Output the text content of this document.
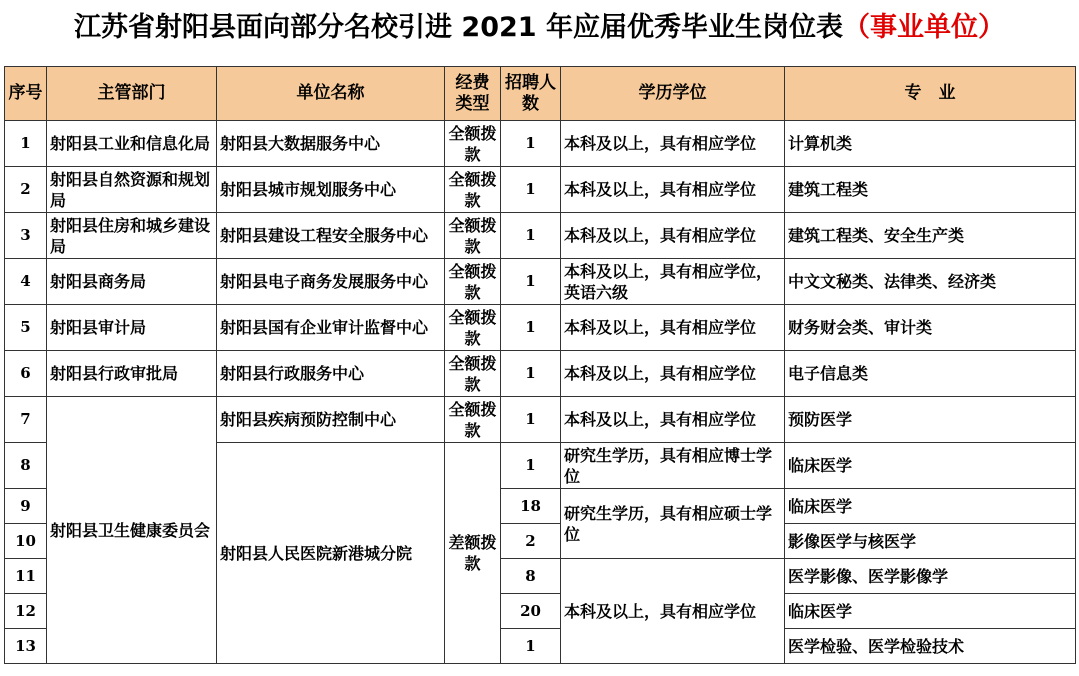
江苏省射阳县面向部分名校引进 2021 年应届优秀毕业生岗位表（事业单位）
序号	主管部门	单位名称	经费类型	招聘人数	学历学位	专　业
1	射阳县工业和信息化局	射阳县大数据服务中心	全额拨款	1	本科及以上，具有相应学位	计算机类
2	射阳县自然资源和规划局	射阳县城市规划服务中心	全额拨款	1	本科及以上，具有相应学位	建筑工程类
3	射阳县住房和城乡建设局	射阳县建设工程安全服务中心	全额拨款	1	本科及以上，具有相应学位	建筑工程类、安全生产类
4	射阳县商务局	射阳县电子商务发展服务中心	全额拨款	1	本科及以上，具有相应学位，英语六级	中文文秘类、法律类、经济类
5	射阳县审计局	射阳县国有企业审计监督中心	全额拨款	1	本科及以上，具有相应学位	财务财会类、审计类
6	射阳县行政审批局	射阳县行政服务中心	全额拨款	1	本科及以上，具有相应学位	电子信息类
7	射阳县卫生健康委员会	射阳县疾病预防控制中心	全额拨款	1	本科及以上，具有相应学位	预防医学
8		射阳县人民医院新港城分院	差额拨款	1	研究生学历，具有相应博士学位	临床医学
9				18	研究生学历，具有相应硕士学位	临床医学
10				2		影像医学与核医学
11				8	本科及以上，具有相应学位	医学影像、医学影像学
12				20		临床医学
13				1		医学检验、医学检验技术
